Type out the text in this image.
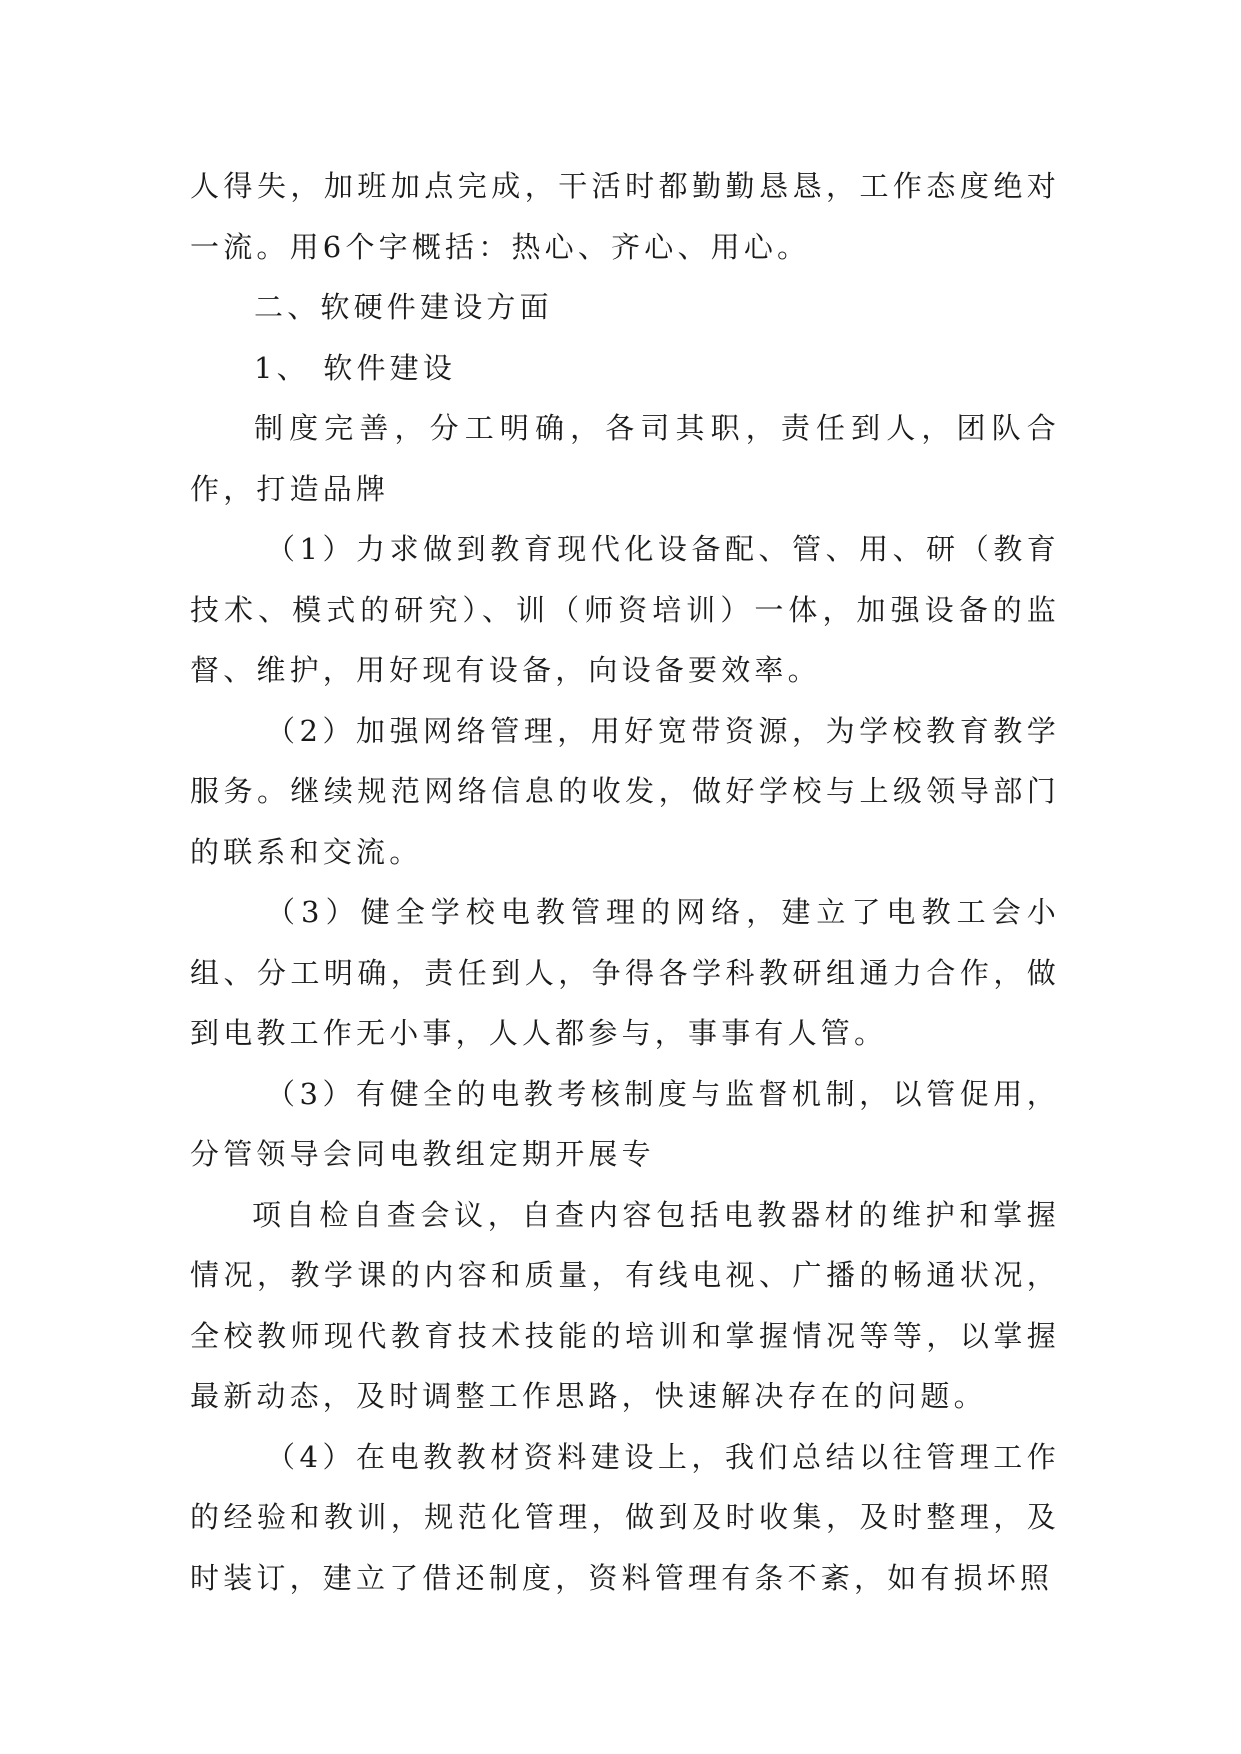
人得失，加班加点完成，干活时都勤勤恳恳，工作态度绝对一流。用6个字概括：热心、齐心、用心。

二、软硬件建设方面

1、 软件建设

制度完善，分工明确，各司其职，责任到人，团队合作，打造品牌

（1）力求做到教育现代化设备配、管、用、研（教育技术、模式的研究）、训（师资培训）一体，加强设备的监督、维护，用好现有设备，向设备要效率。

（2）加强网络管理，用好宽带资源，为学校教育教学服务。继续规范网络信息的收发，做好学校与上级领导部门的联系和交流。

（3）健全学校电教管理的网络，建立了电教工会小组、分工明确，责任到人，争得各学科教研组通力合作，做到电教工作无小事，人人都参与，事事有人管。

（3）有健全的电教考核制度与监督机制，以管促用，分管领导会同电教组定期开展专

项自检自查会议，自查内容包括电教器材的维护和掌握情况，教学课的内容和质量，有线电视、广播的畅通状况，全校教师现代教育技术技能的培训和掌握情况等等，以掌握最新动态，及时调整工作思路，快速解决存在的问题。

（4）在电教教材资料建设上，我们总结以往管理工作的经验和教训，规范化管理，做到及时收集，及时整理，及时装订，建立了借还制度，资料管理有条不紊，如有损坏照
